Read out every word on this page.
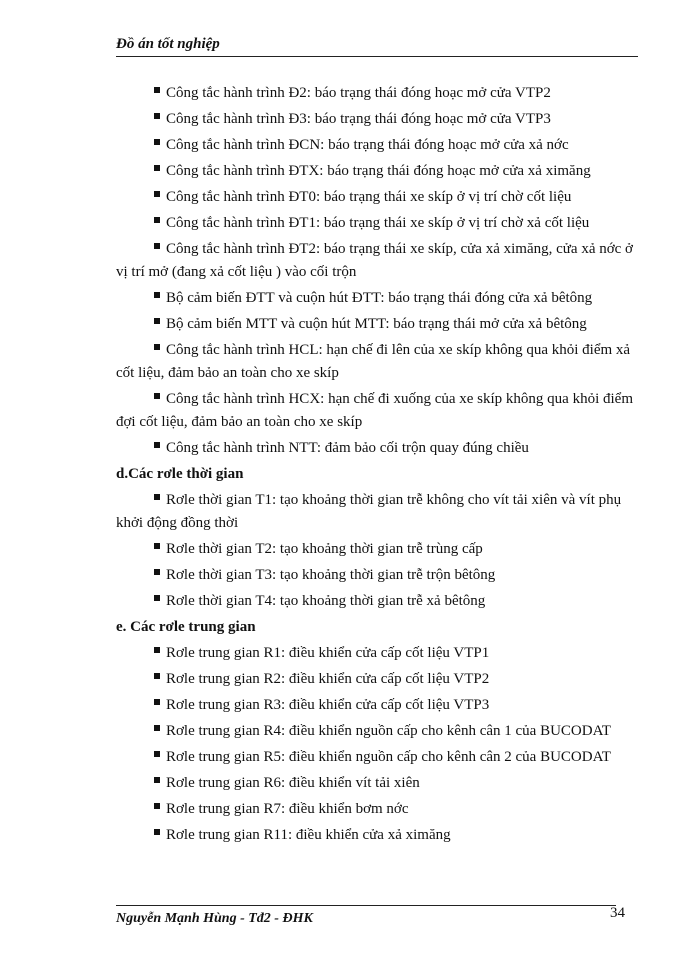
Đồ án tốt nghiệp
Công tắc hành trình Đ2: báo trạng thái đóng hoạc mở cửa VTP2
Công tắc hành trình Đ3: báo trạng thái đóng hoạc mở cửa VTP3
Công tắc hành trình ĐCN: báo trạng thái đóng hoạc mở cửa xả nớc
Công tắc hành trình ĐTX: báo trạng thái đóng hoạc mở cửa xả ximăng
Công tắc hành trình ĐT0: báo trạng thái xe skíp ở vị trí chờ cốt liệu
Công tắc hành trình ĐT1: báo trạng thái xe skíp ở vị trí chờ xả cốt liệu
Công tắc hành trình ĐT2: báo trạng thái xe skíp, cửa xả ximăng, cửa xả nớc ở vị trí mở (đang xả cốt liệu ) vào cối trộn
Bộ cảm biến ĐTT và cuộn hút ĐTT: báo trạng thái đóng cửa xả bêtông
Bộ cảm biến MTT và cuộn hút MTT: báo trạng thái mở cửa xả bêtông
Công tắc hành trình HCL: hạn chế đi lên của xe skíp không qua khỏi điểm xả cốt liệu, đảm bảo an toàn cho xe skíp
Công tắc hành trình HCX: hạn chế đi xuống của xe skíp không qua khỏi điểm đợi cốt liệu, đảm bảo an toàn cho xe skíp
Công tắc hành trình NTT: đảm bảo cối trộn quay đúng chiều
d.Các rơle thời gian
Rơle thời gian T1: tạo khoảng thời gian trễ không cho vít tải xiên và vít phụ khởi động đồng thời
Rơle thời gian T2: tạo khoảng thời gian trễ trùng cấp
Rơle thời gian T3: tạo khoảng thời gian trễ trộn bêtông
Rơle thời gian T4: tạo khoảng thời gian trễ xả bêtông
e. Các rơle trung gian
Rơle trung gian R1: điều khiển cửa cấp cốt liệu VTP1
Rơle trung gian R2: điều khiển cửa cấp cốt liệu VTP2
Rơle trung gian R3: điều khiển cửa cấp cốt liệu VTP3
Rơle trung gian R4: điều khiển nguồn cấp cho kênh cân 1 của BUCODAT
Rơle trung gian R5: điều khiển nguồn cấp cho kênh cân 2 của BUCODAT
Rơle trung gian R6: điều khiển vít tải xiên
Rơle trung gian R7: điều khiển bơm nớc
Rơle trung gian R11: điều khiển cửa xả ximăng
Nguyễn Mạnh Hùng - Tđ2 - ĐHK	34
